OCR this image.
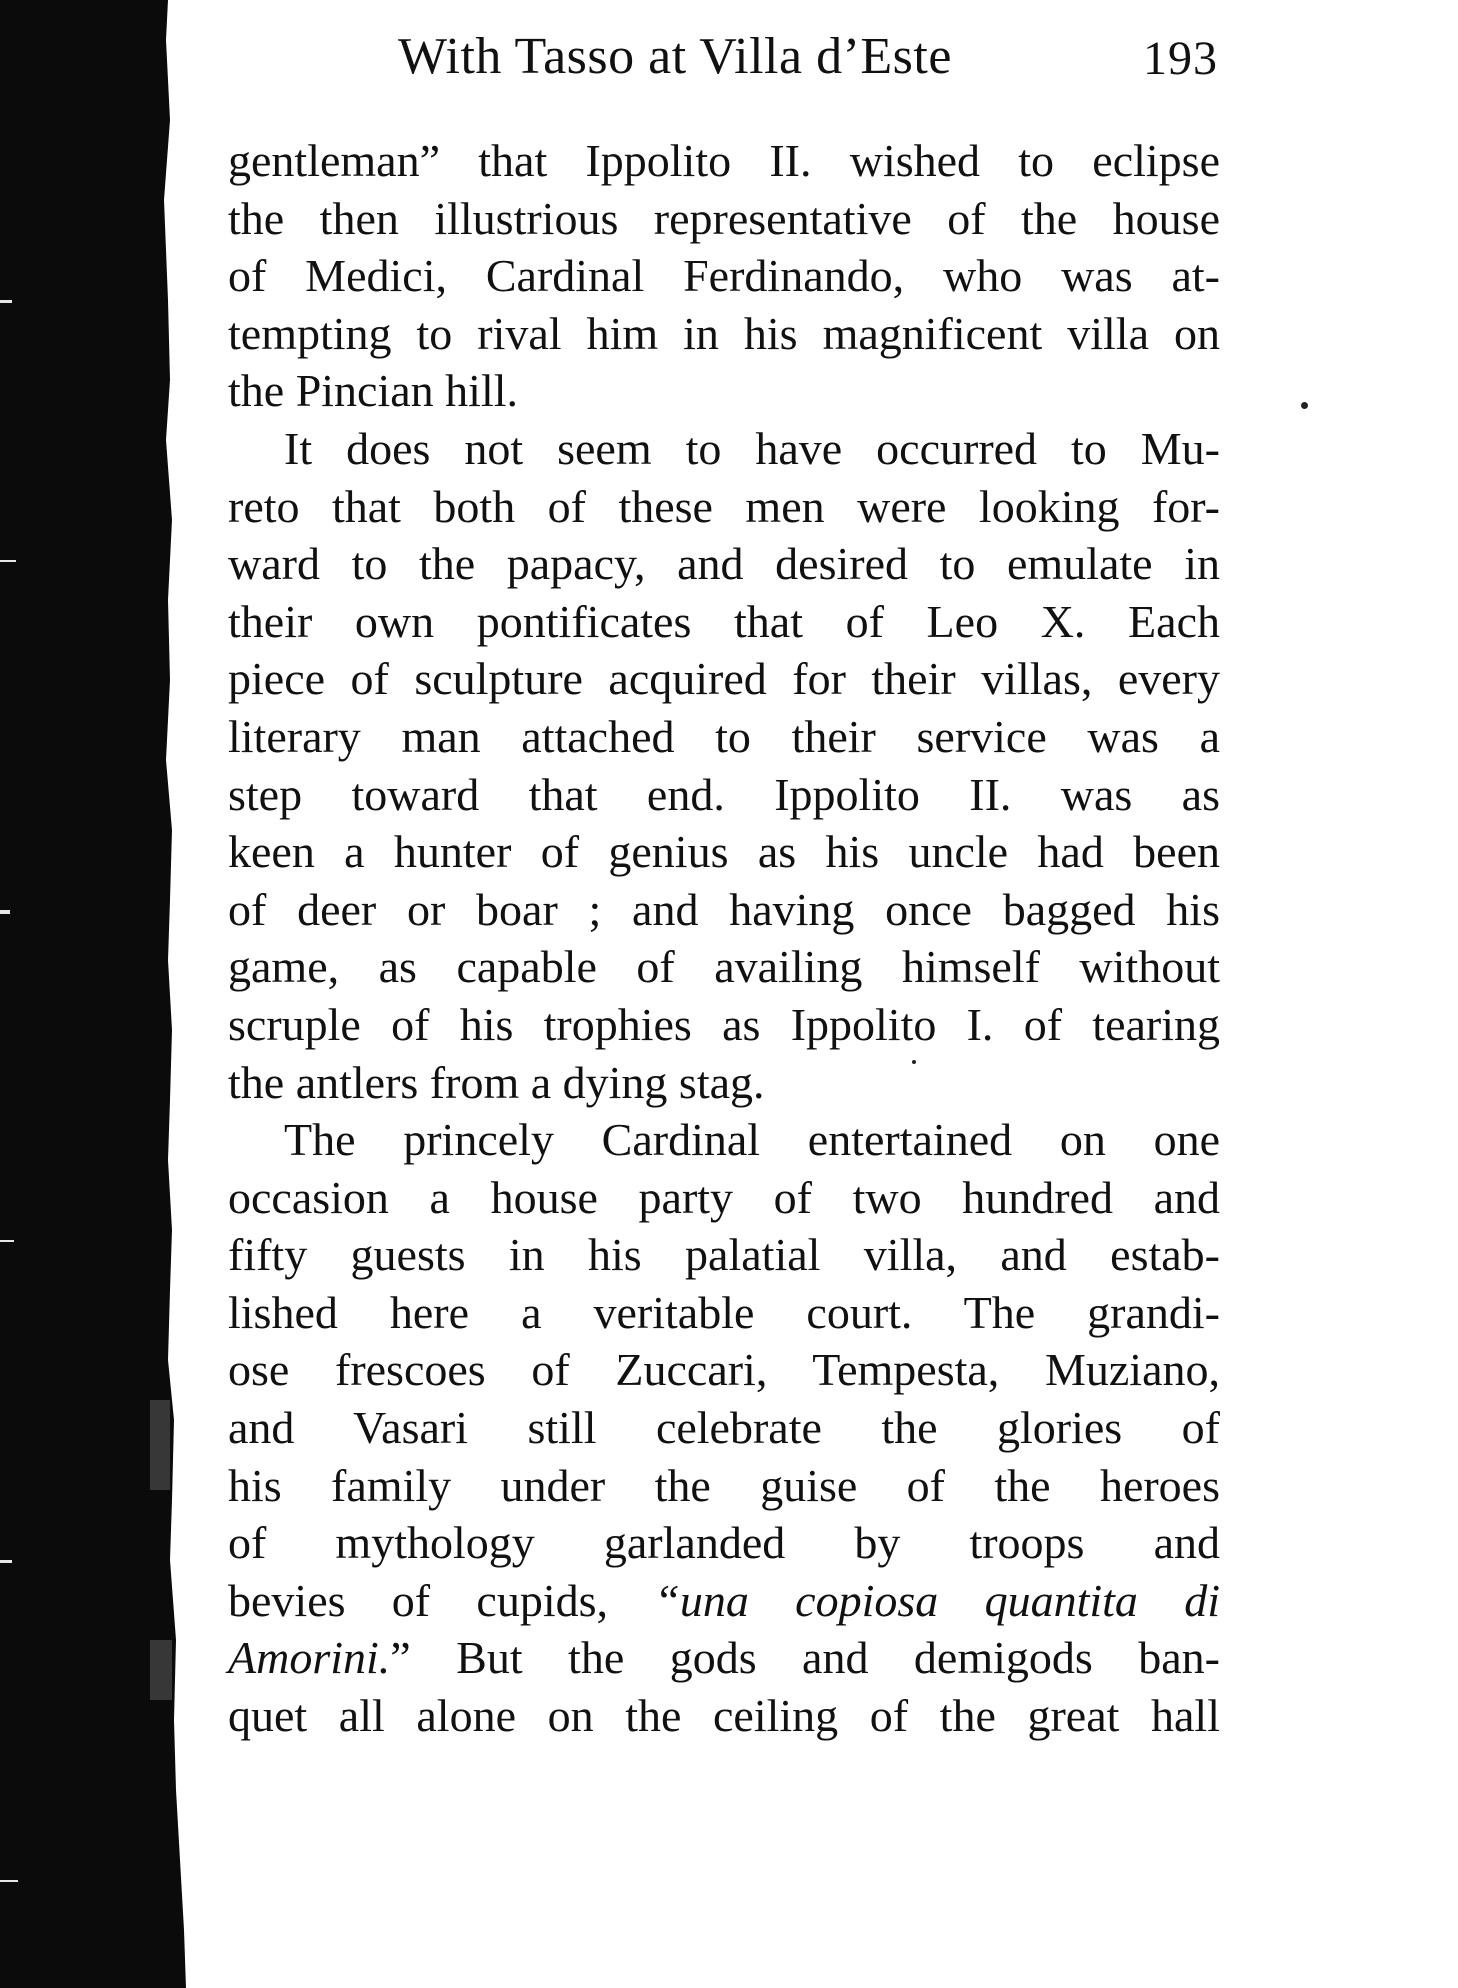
With Tasso at Villa d’Este	193
gentleman” that Ippolito II. wished to eclipse
the then illustrious representative of the house
of Medici, Cardinal Ferdinando, who was at-
tempting to rival him in his magnificent villa on
the Pincian hill.
It does not seem to have occurred to Mu-
reto that both of these men were looking for-
ward to the papacy, and desired to emulate in
their own pontificates that of Leo X. Each
piece of sculpture acquired for their villas, every
literary man attached to their service was a
step toward that end. Ippolito II. was as
keen a hunter of genius as his uncle had been
of deer or boar ; and having once bagged his
game, as capable of availing himself without
scruple of his trophies as Ippolito I. of tearing
the antlers from a dying stag.
The princely Cardinal entertained on one
occasion a house party of two hundred and
fifty guests in his palatial villa, and estab-
lished here a veritable court. The grandi-
ose frescoes of Zuccari, Tempesta, Muziano,
and Vasari still celebrate the glories of
his family under the guise of the heroes
of mythology garlanded by troops and
bevies of cupids, “una copiosa quantita di
Amorini.” But the gods and demigods ban-
quet all alone on the ceiling of the great hall
